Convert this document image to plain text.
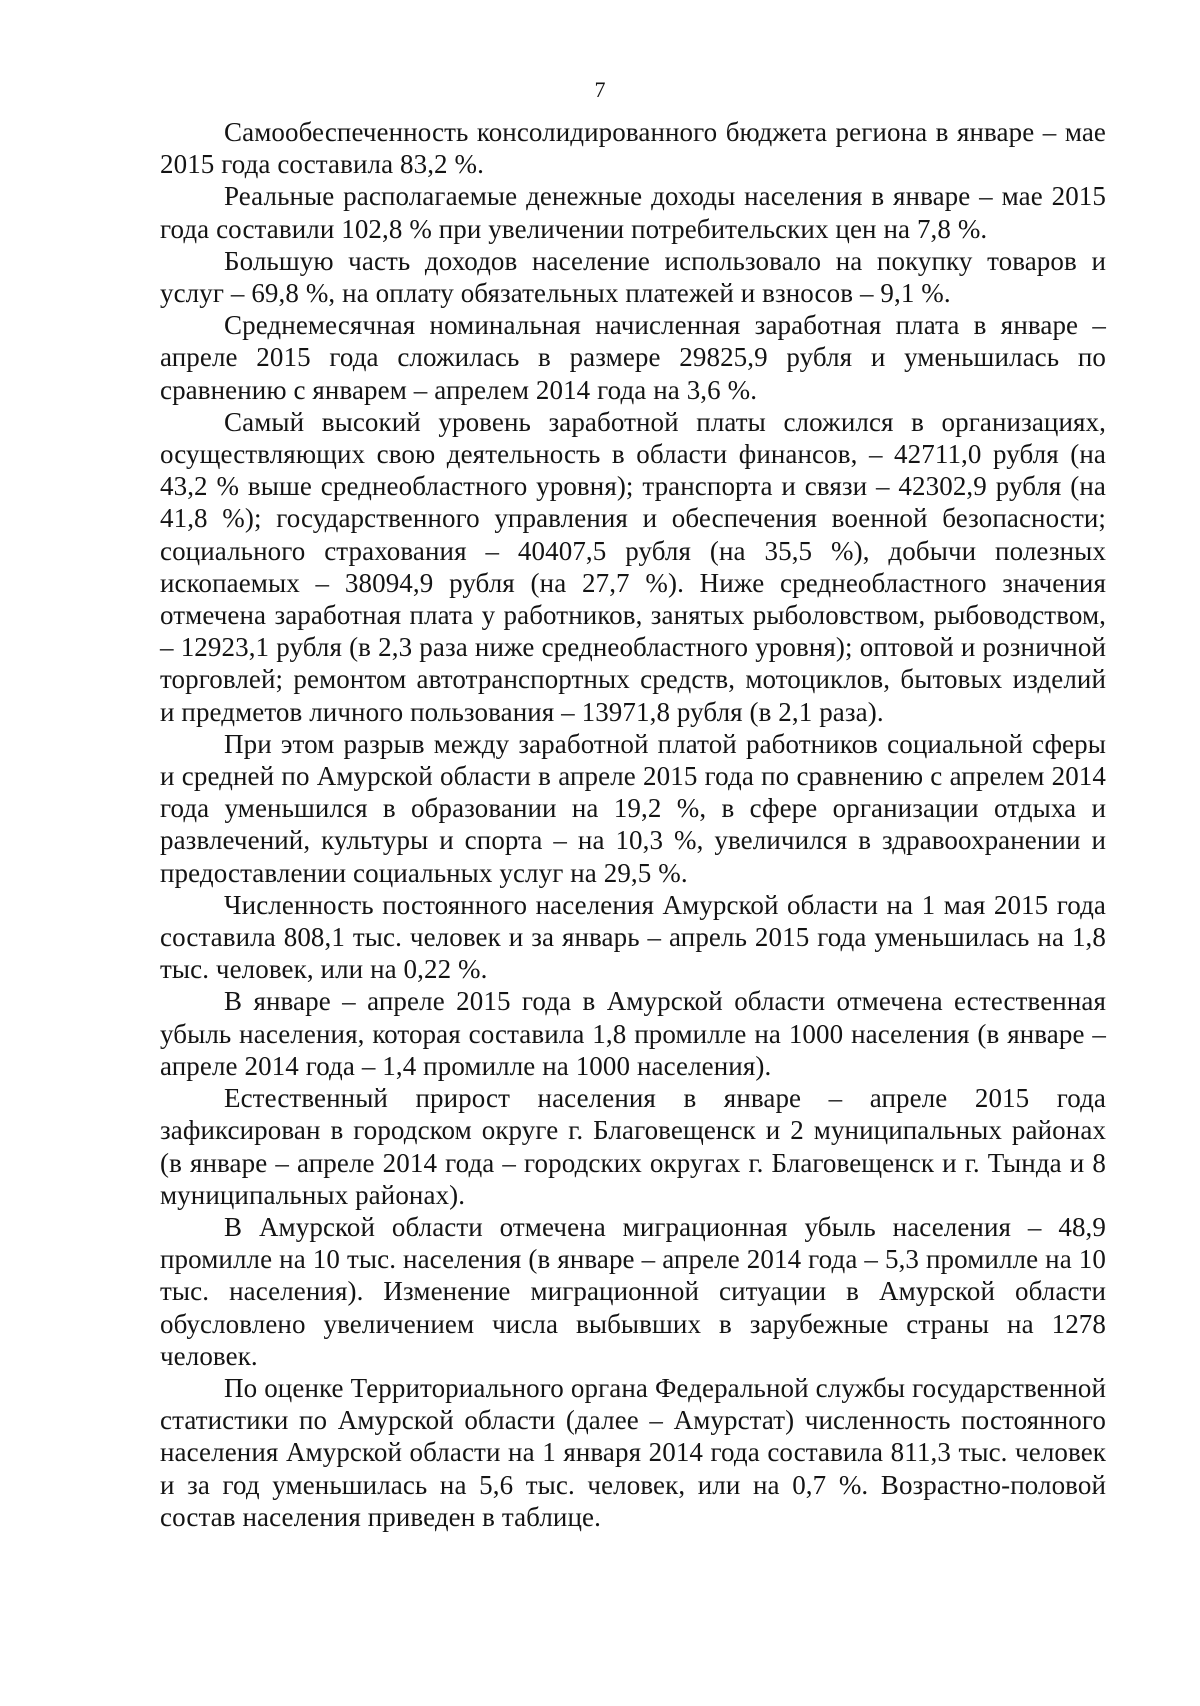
7

Самообеспеченность консолидированного бюджета региона в январе – мае 2015 года составила 83,2 %.

Реальные располагаемые денежные доходы населения в январе – мае 2015 года составили 102,8 % при увеличении потребительских цен на 7,8 %.

Большую часть доходов население использовало на покупку товаров и услуг – 69,8 %, на оплату обязательных платежей и взносов – 9,1 %.

Среднемесячная номинальная начисленная заработная плата в январе – апреле 2015 года сложилась в размере 29825,9 рубля и уменьшилась по сравнению с январем – апрелем 2014 года на 3,6 %.

Самый высокий уровень заработной платы сложился в организациях, осуществляющих свою деятельность в области финансов, – 42711,0 рубля (на 43,2 % выше среднеобластного уровня); транспорта и связи – 42302,9 рубля (на 41,8 %); государственного управления и обеспечения военной безопасности; социального страхования – 40407,5 рубля (на 35,5 %), добычи полезных ископаемых – 38094,9 рубля (на 27,7 %). Ниже среднеобластного значения отмечена заработная плата у работников, занятых рыболовством, рыбоводством, – 12923,1 рубля (в 2,3 раза ниже среднеобластного уровня); оптовой и розничной торговлей; ремонтом автотранспортных средств, мотоциклов, бытовых изделий и предметов личного пользования – 13971,8 рубля (в 2,1 раза).

При этом разрыв между заработной платой работников социальной сферы и средней по Амурской области в апреле 2015 года по сравнению с апрелем 2014 года уменьшился в образовании на 19,2 %, в сфере организации отдыха и развлечений, культуры и спорта – на 10,3 %, увеличился в здравоохранении и предоставлении социальных услуг на 29,5 %.

Численность постоянного населения Амурской области на 1 мая 2015 года составила 808,1 тыс. человек и за январь – апрель 2015 года уменьшилась на 1,8 тыс. человек, или на 0,22 %.

В январе – апреле 2015 года в Амурской области отмечена естественная убыль населения, которая составила 1,8 промилле на 1000 населения (в январе – апреле 2014 года – 1,4 промилле на 1000 населения).

Естественный прирост населения в январе – апреле 2015 года зафиксирован в городском округе г. Благовещенск и 2 муниципальных районах (в январе – апреле 2014 года – городских округах г. Благовещенск и г. Тында и 8 муниципальных районах).

В Амурской области отмечена миграционная убыль населения – 48,9 промилле на 10 тыс. населения (в январе – апреле 2014 года – 5,3 промилле на 10 тыс. населения). Изменение миграционной ситуации в Амурской области обусловлено увеличением числа выбывших в зарубежные страны на 1278 человек.

По оценке Территориального органа Федеральной службы государственной статистики по Амурской области (далее – Амурстат) численность постоянного населения Амурской области на 1 января 2014 года составила 811,3 тыс. человек и за год уменьшилась на 5,6 тыс. человек, или на 0,7 %. Возрастно-половой состав населения приведен в таблице.
